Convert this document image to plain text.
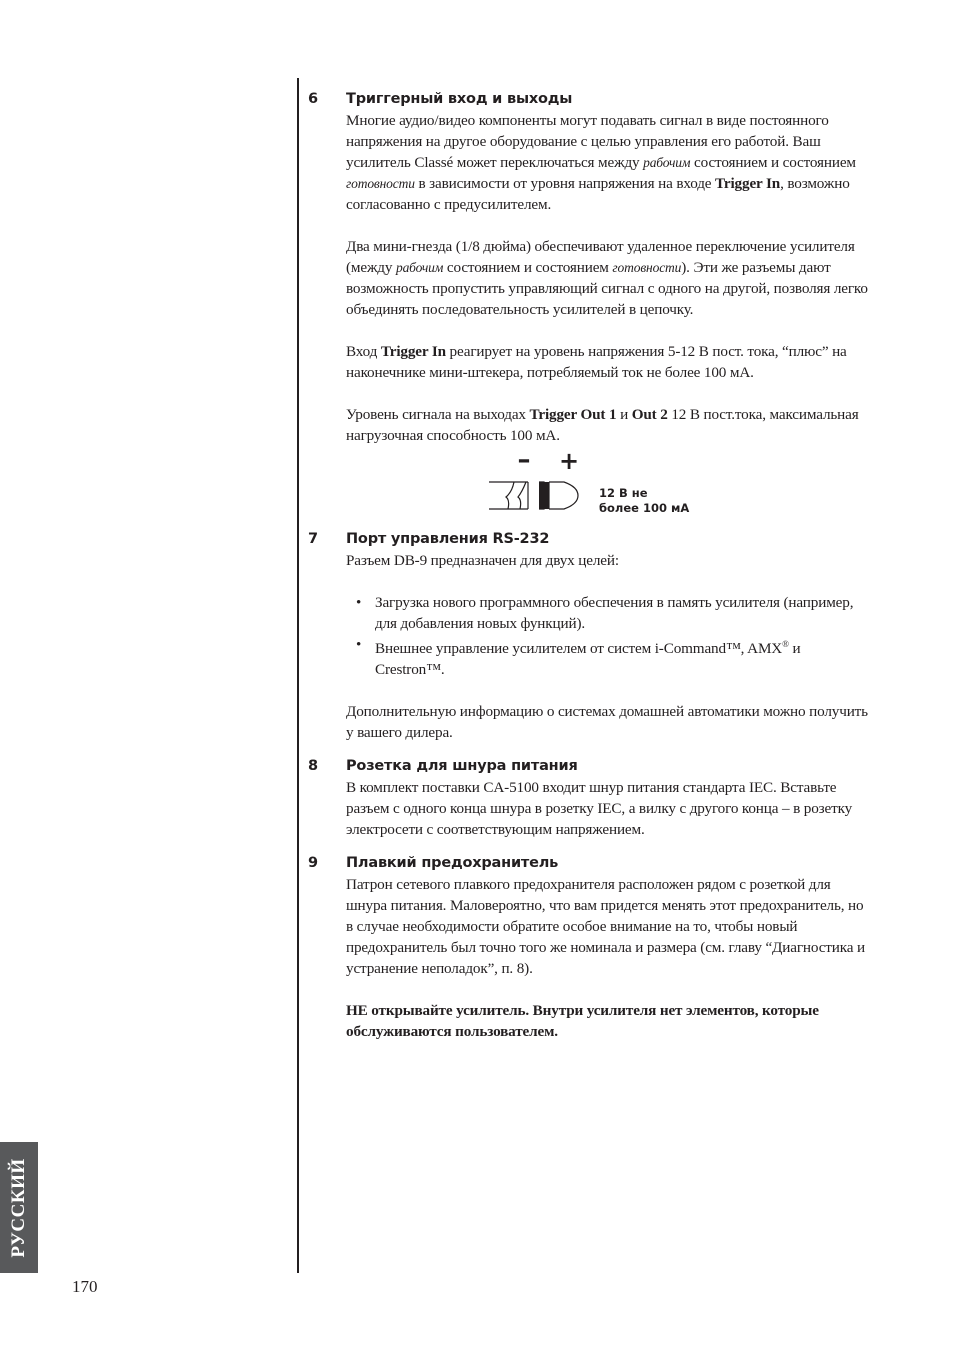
6	Триггерный вход и выходы

Многие аудио/видео компоненты могут подавать сигнал в виде постоянного напряжения на другое оборудование с целью управления его работой. Ваш усилитель Classé может переключаться между рабочим состоянием и состоянием готовности в зависимости от уровня напряжения на входе Trigger In, возможно согласованно с предусилителем.

Два мини-гнезда (1/8 дюйма) обеспечивают удаленное переключение усилителя (между рабочим состоянием и состоянием готовности). Эти же разъемы дают возможность пропустить управляющий сигнал с одного на другой, позволяя легко объединять последовательность усилителей в цепочку.

Вход Trigger In реагирует на уровень напряжения 5-12 В пост. тока, “плюс” на наконечнике мини-штекера, потребляемый ток не более 100 мА.

Уровень сигнала на выходах Trigger Out 1 и Out 2 12 В пост.тока, максимальная нагрузочная способность 100 мА.

– +
12 В не
более 100 мА
7	Порт управления RS-232

Разъем DB-9 предназначен для двух целей:

• Загрузка нового программного обеспечения в память усилителя (например, для добавления новых функций).
• Внешнее управление усилителем от систем i-Command™, AMX® и Crestron™.

Дополнительную информацию о системах домашней автоматики можно получить у вашего дилера.

8	Розетка для шнура питания

В комплект поставки CA-5100 входит шнур питания стандарта IEC. Вставьте разъем с одного конца шнура в розетку IEC, а вилку с другого конца – в розетку электросети с соответствующим напряжением.

9	Плавкий предохранитель

Патрон сетевого плавкого предохранителя расположен рядом с розеткой для шнура питания. Маловероятно, что вам придется менять этот предохранитель, но в случае необходимости обратите особое внимание на то, чтобы новый предохранитель был точно того же номинала и размера (см. главу “Диагностика и устранение неполадок”, п. 8).

НЕ открывайте усилитель. Внутри усилителя нет элементов, которые обслуживаются пользователем.

РУССКИЙ
170
